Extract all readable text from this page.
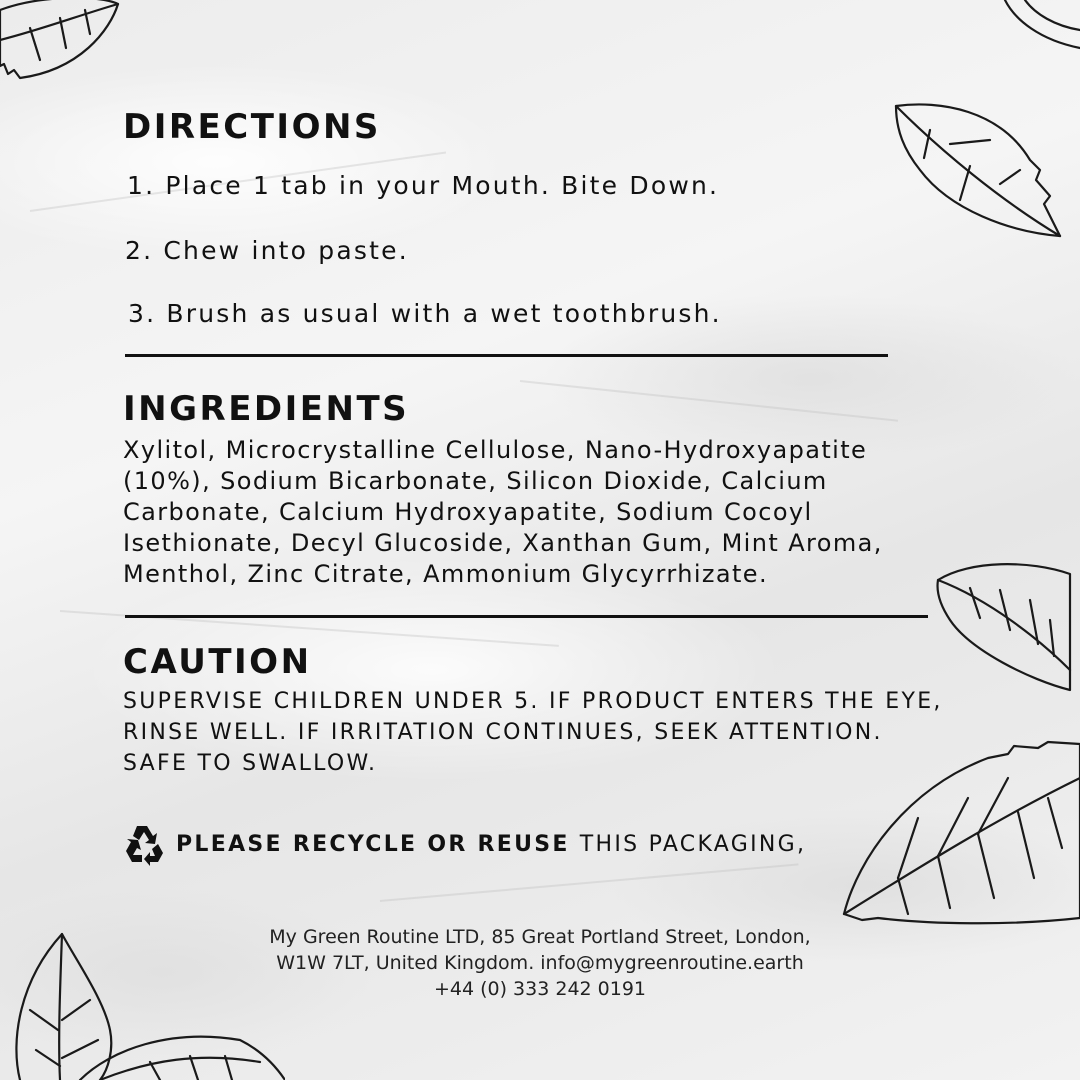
DIRECTIONS

1. Place 1 tab in your Mouth. Bite Down.

2. Chew into paste.

3. Brush as usual with a wet toothbrush.

INGREDIENTS

Xylitol, Microcrystalline Cellulose, Nano-Hydroxyapatite
(10%), Sodium Bicarbonate, Silicon Dioxide, Calcium
Carbonate, Calcium Hydroxyapatite, Sodium Cocoyl
Isethionate, Decyl Glucoside, Xanthan Gum, Mint Aroma,
Menthol, Zinc Citrate, Ammonium Glycyrrhizate.

CAUTION

SUPERVISE CHILDREN UNDER 5. IF PRODUCT ENTERS THE EYE,
RINSE WELL. IF IRRITATION CONTINUES, SEEK ATTENTION.
SAFE TO SWALLOW.

PLEASE RECYCLE OR REUSE THIS PACKAGING,

My Green Routine LTD, 85 Great Portland Street, London,
W1W 7LT, United Kingdom. info@mygreenroutine.earth
+44 (0) 333 242 0191
